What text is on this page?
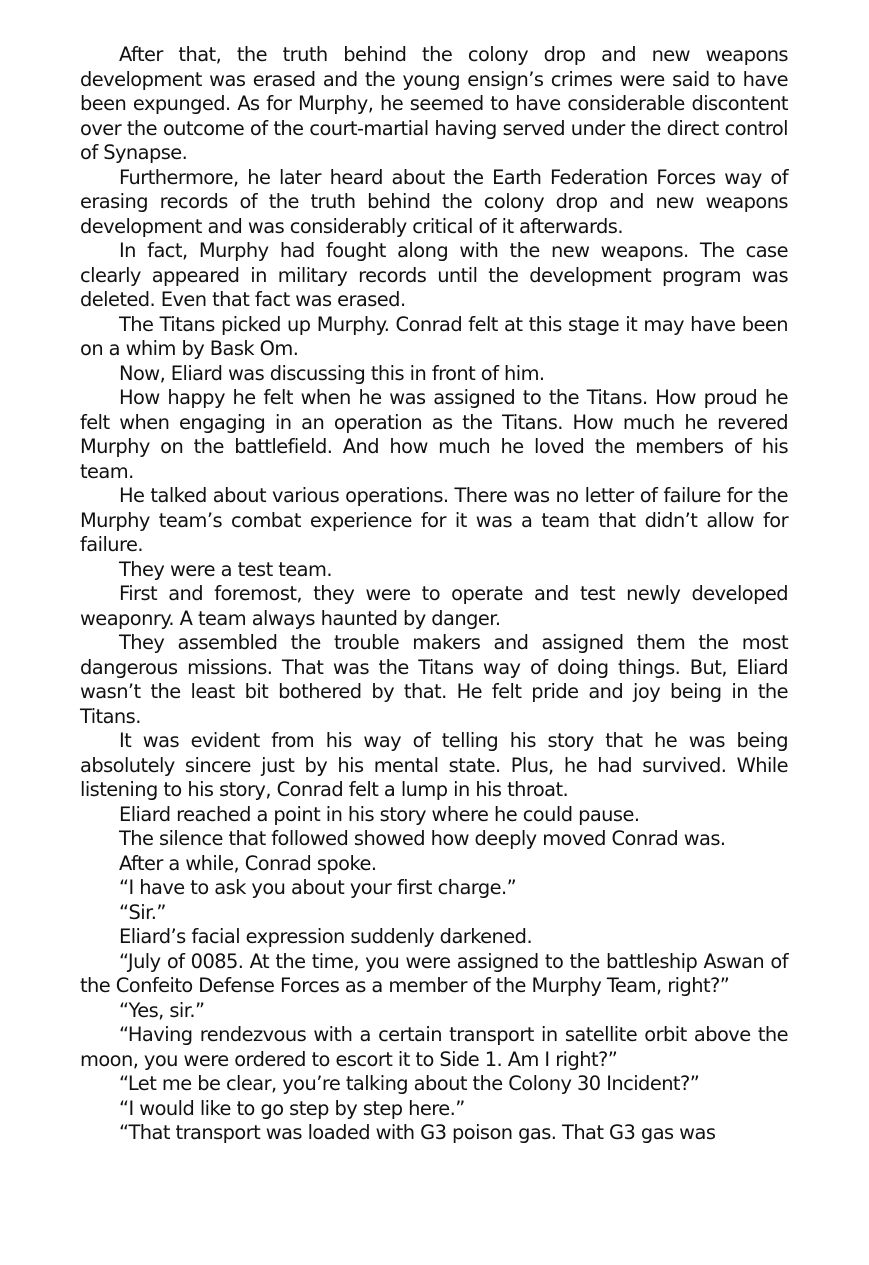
After that, the truth behind the colony drop and new weapons development was erased and the young ensign’s crimes were said to have been expunged. As for Murphy, he seemed to have considerable discontent over the outcome of the court-martial having served under the direct control of Synapse.

Furthermore, he later heard about the Earth Federation Forces way of erasing records of the truth behind the colony drop and new weapons development and was considerably critical of it afterwards.

In fact, Murphy had fought along with the new weapons. The case clearly appeared in military records until the development program was deleted. Even that fact was erased.

The Titans picked up Murphy. Conrad felt at this stage it may have been on a whim by Bask Om.

Now, Eliard was discussing this in front of him.

How happy he felt when he was assigned to the Titans. How proud he felt when engaging in an operation as the Titans. How much he revered Murphy on the battlefield. And how much he loved the members of his team.

He talked about various operations. There was no letter of failure for the Murphy team’s combat experience for it was a team that didn’t allow for failure.

They were a test team.

First and foremost, they were to operate and test newly developed weaponry. A team always haunted by danger.

They assembled the trouble makers and assigned them the most dangerous missions. That was the Titans way of doing things. But, Eliard wasn’t the least bit bothered by that. He felt pride and joy being in the Titans.

It was evident from his way of telling his story that he was being absolutely sincere just by his mental state. Plus, he had survived. While listening to his story, Conrad felt a lump in his throat.

Eliard reached a point in his story where he could pause.

The silence that followed showed how deeply moved Conrad was.

After a while, Conrad spoke.

“I have to ask you about your first charge.”

“Sir.”

Eliard’s facial expression suddenly darkened.

“July of 0085. At the time, you were assigned to the battleship Aswan of the Confeito Defense Forces as a member of the Murphy Team, right?”

“Yes, sir.”

“Having rendezvous with a certain transport in satellite orbit above the moon, you were ordered to escort it to Side 1. Am I right?”

“Let me be clear, you’re talking about the Colony 30 Incident?”

“I would like to go step by step here.”

“That transport was loaded with G3 poison gas. That G3 gas was
